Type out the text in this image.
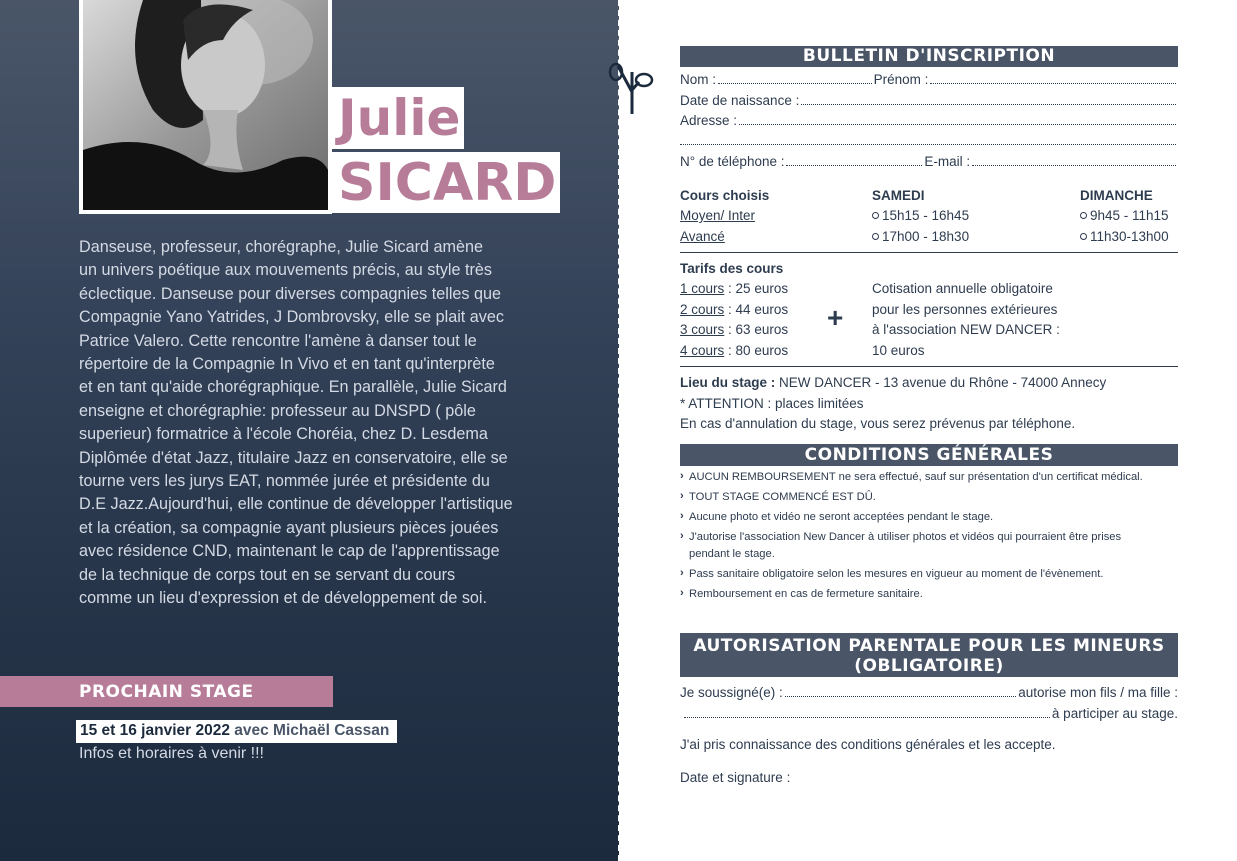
Julie
SICARD

Danseuse, professeur, chorégraphe, Julie Sicard amène

un univers poétique aux mouvements précis, au style très

éclectique. Danseuse pour diverses compagnies telles que

Compagnie Yano Yatrides, J Dombrovsky, elle se plait avec

Patrice Valero. Cette rencontre l'amène à danser tout le

répertoire de la Compagnie In Vivo et en tant qu'interprète

et en tant qu'aide chorégraphique. En parallèle, Julie Sicard

enseigne et chorégraphie: professeur au DNSPD ( pôle

superieur) formatrice à l'école Choréia, chez D. Lesdema

Diplômée d'état Jazz, titulaire Jazz en conservatoire, elle se

tourne vers les jurys EAT, nommée jurée et présidente du

D.E Jazz.Aujourd'hui, elle continue de développer l'artistique

et la création, sa compagnie ayant plusieurs pièces jouées

avec résidence CND, maintenant le cap de l'apprentissage

de la technique de corps tout en se servant du cours

comme un lieu d'expression et de développement de soi.

PROCHAIN STAGE
15 et 16 janvier 2022 avec Michaël Cassan
Infos et horaires à venir !!!
BULLETIN D'INSCRIPTION
Nom :	Prénom :
Date de naissance :
Adresse :
N° de téléphone :	E-mail :
Cours choisis	SAMEDI	DIMANCHE
Moyen/ Inter	15h15 - 16h45	9h45 - 11h15
Avancé	17h00 - 18h30	11h30-13h00
Tarifs des cours
1 cours : 25 euros
2 cours : 44 euros
3 cours : 63 euros
4 cours : 80 euros
+
Cotisation annuelle obligatoire
pour les personnes extérieures
à l'association NEW DANCER :
10 euros
Lieu du stage : NEW DANCER - 13 avenue du Rhône - 74000 Annecy
* ATTENTION : places limitées
En cas d'annulation du stage, vous serez prévenus par téléphone.
CONDITIONS GÉNÉRALES
› AUCUN REMBOURSEMENT ne sera effectué, sauf sur présentation d'un certificat médical.
› TOUT STAGE COMMENCÉ EST DÛ.
› Aucune photo et vidéo ne seront acceptées pendant le stage.
› J'autorise l'association New Dancer à utiliser photos et vidéos qui pourraient être prises pendant le stage.
› Pass sanitaire obligatoire selon les mesures en vigueur au moment de l'évènement.
› Remboursement en cas de fermeture sanitaire.
AUTORISATION PARENTALE POUR LES MINEURS
(OBLIGATOIRE)
Je soussigné(e) :	autorise mon fils / ma fille :
à participer au stage.
J'ai pris connaissance des conditions générales et les accepte.
Date et signature :
